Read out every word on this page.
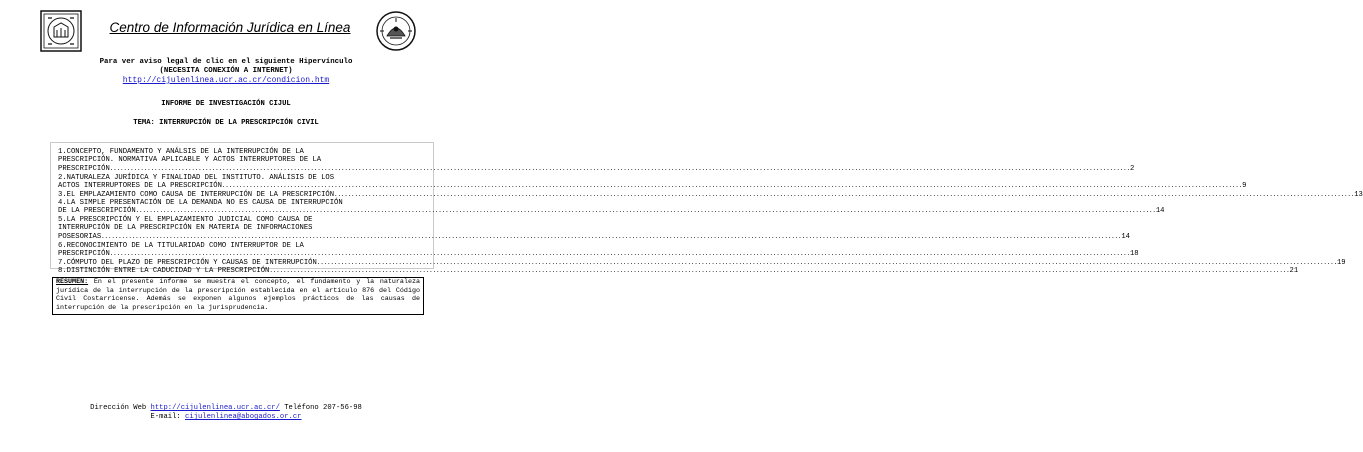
Centro de Información Jurídica en Línea
Para ver aviso legal de clic en el siguiente Hipervínculo
(NECESITA CONEXIÓN A INTERNET)
http://cijulenlinea.ucr.ac.cr/condicion.htm
INFORME DE INVESTIGACIÓN CIJUL
TEMA: INTERRUPCIÓN DE LA PRESCRIPCIÓN CIVIL
1.CONCEPTO, FUNDAMENTO Y ANÁLSIS DE LA INTERRUPCIÓN DE LA
PRESCRIPCIÓN. NORMATIVA APLICABLE Y ACTOS INTERRUPTORES DE LA
PRESCRIPCIÓN ............................................................................................................................................................................................................................................................................................................ 2
2.NATURALEZA JURÍDICA Y FINALIDAD DEL INSTITUTO. ANÁLISIS DE LOS
ACTOS INTERRUPTORES DE LA PRESCRIPCIÓN ............................................................................................................................................................................................................................................................................................................ 9
3.EL EMPLAZAMIENTO COMO CAUSA DE INTERRUPCIÓN DE LA PRESCRIPCIÓN ............................................................................................................................................................................................................................................................................................................ 13
4.LA SIMPLE PRESENTACIÓN DE LA DEMANDA NO ES CAUSA DE INTERRUPCIÓN
DE LA PRESCRIPCIÓN ............................................................................................................................................................................................................................................................................................................ 14
5.LA PRESCRIPCIÓN Y EL EMPLAZAMIENTO JUDICIAL COMO CAUSA DE
INTERRUPCIÓN DE LA PRESCRIPCIÓN EN MATERIA DE INFORMACIONES
POSESORIAS ............................................................................................................................................................................................................................................................................................................ 14
6.RECONOCIMIENTO DE LA TITULARIDAD COMO INTERRUPTOR DE LA
PRESCRIPCIÓN ............................................................................................................................................................................................................................................................................................................ 18
7.CÓMPUTO DEL PLAZO DE PRESCRIPCIÓN Y CAUSAS DE INTERRUPCIÓN ............................................................................................................................................................................................................................................................................................................ 19
8.DISTINCIÓN ENTRE LA CADUCIDAD Y LA PRESCRIPCIÓN ............................................................................................................................................................................................................................................................................................................ 21
RESUMEN: En el presente informe se muestra el concepto, el fundamento y la naturaleza jurídica de la interrupción de la prescripción establecida en el artículo 876 del Código Civil Costarricense. Además se exponen algunos ejemplos prácticos de las causas de interrupción de la prescripción en la jurisprudencia.
Dirección Web http://cijulenlinea.ucr.ac.cr/ Teléfono 207-56-98
E-mail: cijulenlinea@abogados.or.cr
